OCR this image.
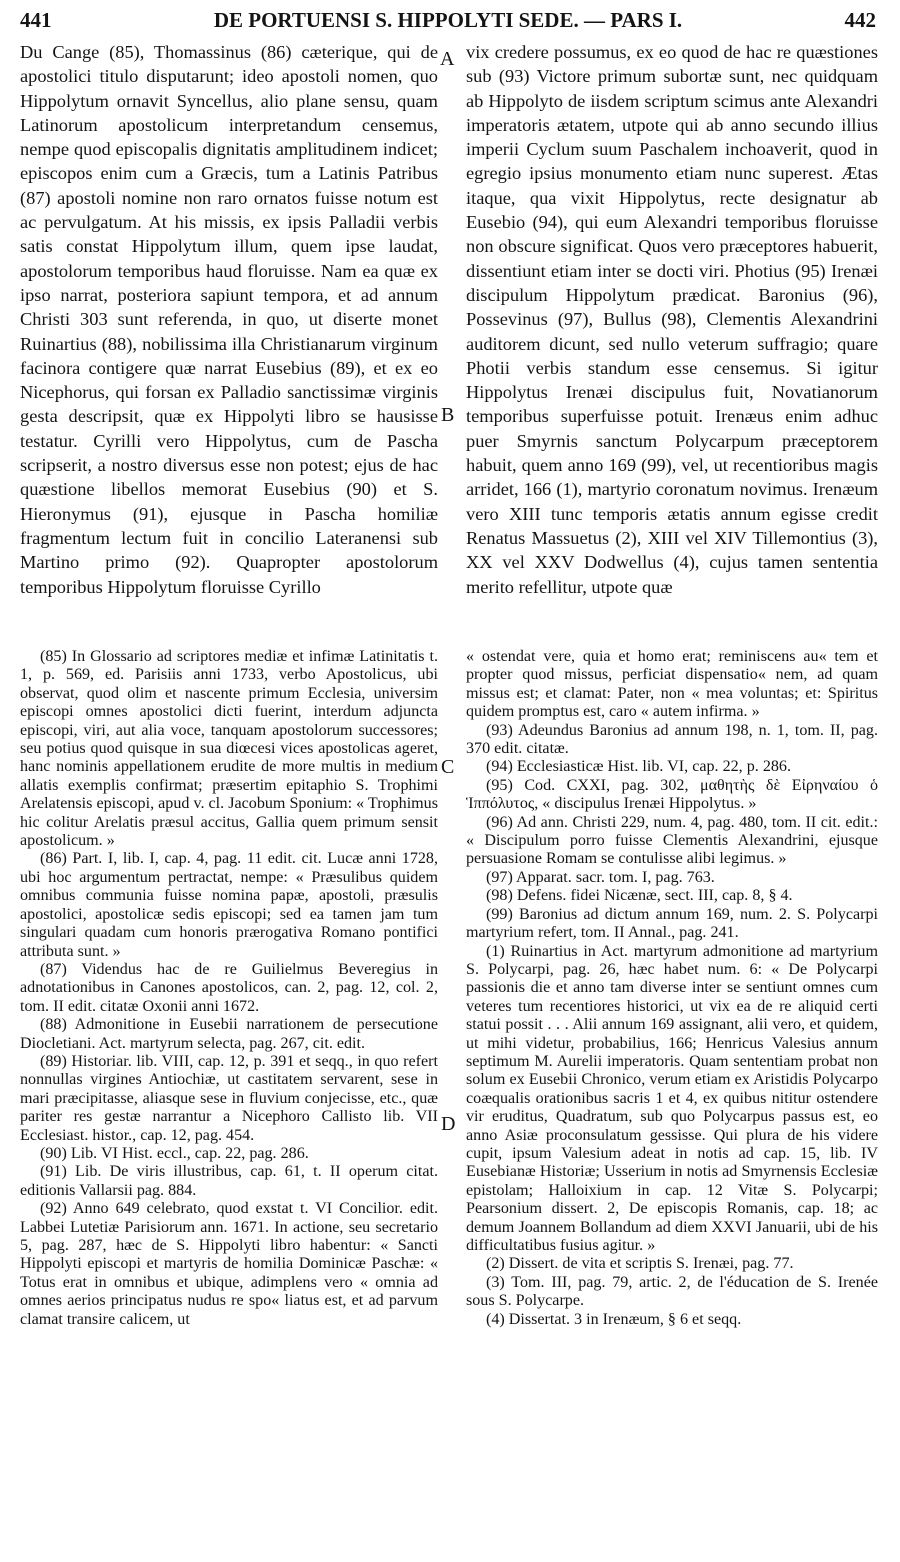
441	DE PORTUENSI S. HIPPOLYTI SEDE. — PARS I.	442

Du Cange (85), Thomassinus (86) cæterique, qui de apostolici titulo disputarunt; ideo apostoli nomen, quo Hippolytum ornavit Syncellus, alio plane sensu, quam Latinorum apostolicum interpretandum censemus, nempe quod episcopalis dignitatis amplitudinem indicet; episcopos enim cum a Græcis, tum a Latinis Patribus (87) apostoli nomine non raro ornatos fuisse notum est ac pervulgatum. At his missis, ex ipsis Palladii verbis satis constat Hippolytum illum, quem ipse laudat, apostolorum temporibus haud floruisse. Nam ea quæ ex ipso narrat, posteriora sapiunt tempora, et ad annum Christi 303 sunt referenda, in quo, ut diserte monet Ruinartius (88), nobilissima illa Christianarum virginum facinora contigere quæ narrat Eusebius (89), et ex eo Nicephorus, qui forsan ex Palladio sanctissimæ virginis gesta descripsit, quæ ex Hippolyti libro se hausisse testatur. Cyrilli vero Hippolytus, cum de Pascha scripserit, a nostro diversus esse non potest; ejus de hac quæstione libellos memorat Eusebius (90) et S. Hieronymus (91), ejusque in Pascha homiliæ fragmentum lectum fuit in concilio Lateranensi sub Martino primo (92). Quapropter apostolorum temporibus Hippolytum floruisse Cyrillo

vix credere possumus, ex eo quod de hac re quæstiones sub (93) Victore primum subortæ sunt, nec quidquam ab Hippolyto de iisdem scriptum scimus ante Alexandri imperatoris ætatem, utpote qui ab anno secundo illius imperii Cyclum suum Paschalem inchoaverit, quod in egregio ipsius monumento etiam nunc superest. Ætas itaque, qua vixit Hippolytus, recte designatur ab Eusebio (94), qui eum Alexandri temporibus floruisse non obscure significat. Quos vero præceptores habuerit, dissentiunt etiam inter se docti viri. Photius (95) Irenæi discipulum Hippolytum prædicat. Baronius (96), Possevinus (97), Bullus (98), Clementis Alexandrini auditorem dicunt, sed nullo veterum suffragio; quare Photii verbis standum esse censemus. Si igitur Hippolytus Irenæi discipulus fuit, Novatianorum temporibus superfuisse potuit. Irenæus enim adhuc puer Smyrnis sanctum Polycarpum præceptorem habuit, quem anno 169 (99), vel, ut recentioribus magis arridet, 166 (1), martyrio coronatum novimus. Irenæum vero XIII tunc temporis ætatis annum egisse credit Renatus Massuetus (2), XIII vel XIV Tillemontius (3), XX vel XXV Dodwellus (4), cujus tamen sententia merito refellitur, utpote quæ

A
B
C
D

(85) In Glossario ad scriptores mediæ et infimæ Latinitatis t. 1, p. 569, ed. Parisiis anni 1733, verbo Apostolicus, ubi observat, quod olim et nascente primum Ecclesia, universim episcopi omnes apostolici dicti fuerint, interdum adjuncta episcopi, viri, aut alia voce, tanquam apostolorum successores; seu potius quod quisque in sua diœcesi vices apostolicas ageret, hanc nominis appellationem erudite de more multis in medium allatis exemplis confirmat; præsertim epitaphio S. Trophimi Arelatensis episcopi, apud v. cl. Jacobum Sponium: « Trophimus hic colitur Arelatis præsul accitus, Gallia quem primum sensit apostolicum. »

(86) Part. I, lib. I, cap. 4, pag. 11 edit. cit. Lucæ anni 1728, ubi hoc argumentum pertractat, nempe: « Præsulibus quidem omnibus communia fuisse nomina papæ, apostoli, præsulis apostolici, apostolicæ sedis episcopi; sed ea tamen jam tum singulari quadam cum honoris prærogativa Romano pontifici attributa sunt. »

(87) Videndus hac de re Guilielmus Beveregius in adnotationibus in Canones apostolicos, can. 2, pag. 12, col. 2, tom. II edit. citatæ Oxonii anni 1672.

(88) Admonitione in Eusebii narrationem de persecutione Diocletiani. Act. martyrum selecta, pag. 267, cit. edit.

(89) Historiar. lib. VIII, cap. 12, p. 391 et seqq., in quo refert nonnullas virgines Antiochiæ, ut castitatem servarent, sese in mari præcipitasse, aliasque sese in fluvium conjecisse, etc., quæ pariter res gestæ narrantur a Nicephoro Callisto lib. VII Ecclesiast. histor., cap. 12, pag. 454.

(90) Lib. VI Hist. eccl., cap. 22, pag. 286.

(91) Lib. De viris illustribus, cap. 61, t. II operum citat. editionis Vallarsii pag. 884.

(92) Anno 649 celebrato, quod exstat t. VI Concilior. edit. Labbei Lutetiæ Parisiorum ann. 1671. In actione, seu secretario 5, pag. 287, hæc de S. Hippolyti libro habentur: « Sancti Hippolyti episcopi et martyris de homilia Dominicæ Paschæ: « Totus erat in omnibus et ubique, adimplens vero « omnia ad omnes aerios principatus nudus re spo« liatus est, et ad parvum clamat transire calicem, ut

« ostendat vere, quia et homo erat; reminiscens au« tem et propter quod missus, perficiat dispensatio« nem, ad quam missus est; et clamat: Pater, non « mea voluntas; et: Spiritus quidem promptus est, caro « autem infirma. »

(93) Adeundus Baronius ad annum 198, n. 1, tom. II, pag. 370 edit. citatæ.

(94) Ecclesiasticæ Hist. lib. VI, cap. 22, p. 286.

(95) Cod. CXXI, pag. 302, μαθητὴς δὲ Εἰρηναίου ὁ Ἱππόλυτος, « discipulus Irenæi Hippolytus. »

(96) Ad ann. Christi 229, num. 4, pag. 480, tom. II cit. edit.: « Discipulum porro fuisse Clementis Alexandrini, ejusque persuasione Romam se contulisse alibi legimus. »

(97) Apparat. sacr. tom. I, pag. 763.

(98) Defens. fidei Nicænæ, sect. III, cap. 8, § 4.

(99) Baronius ad dictum annum 169, num. 2. S. Polycarpi martyrium refert, tom. II Annal., pag. 241.

(1) Ruinartius in Act. martyrum admonitione ad martyrium S. Polycarpi, pag. 26, hæc habet num. 6: « De Polycarpi passionis die et anno tam diverse inter se sentiunt omnes cum veteres tum recentiores historici, ut vix ea de re aliquid certi statui possit . . . Alii annum 169 assignant, alii vero, et quidem, ut mihi videtur, probabilius, 166; Henricus Valesius annum septimum M. Aurelii imperatoris. Quam sententiam probat non solum ex Eusebii Chronico, verum etiam ex Aristidis Polycarpo coæqualis orationibus sacris 1 et 4, ex quibus nititur ostendere vir eruditus, Quadratum, sub quo Polycarpus passus est, eo anno Asiæ proconsulatum gessisse. Qui plura de his videre cupit, ipsum Valesium adeat in notis ad cap. 15, lib. IV Eusebianæ Historiæ; Usserium in notis ad Smyrnensis Ecclesiæ epistolam; Halloixium in cap. 12 Vitæ S. Polycarpi; Pearsonium dissert. 2, De episcopis Romanis, cap. 18; ac demum Joannem Bollandum ad diem XXVI Januarii, ubi de his difficultatibus fusius agitur. »

(2) Dissert. de vita et scriptis S. Irenæi, pag. 77.

(3) Tom. III, pag. 79, artic. 2, de l'éducation de S. Irenée sous S. Polycarpe.

(4) Dissertat. 3 in Irenæum, § 6 et seqq.
